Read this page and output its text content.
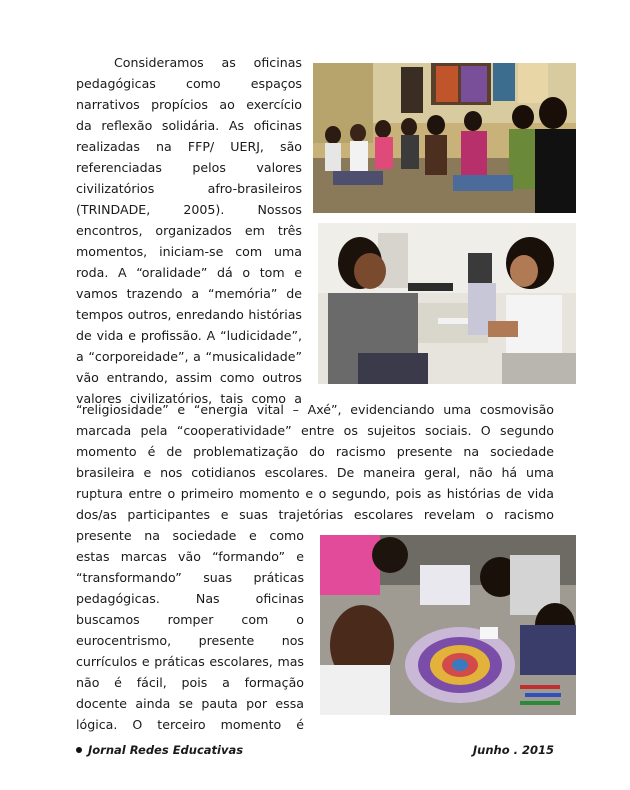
Consideramos as oficinas
pedagógicas como espaços
narrativos propícios ao exercício
da reflexão solidária. As oficinas
realizadas na FFP/ UERJ, são
referenciadas pelos valores
civilizatórios afro-brasileiros
(TRINDADE, 2005). Nossos
encontros, organizados em três
momentos, iniciam-se com uma
roda. A “oralidade” dá o tom e
vamos trazendo a “memória” de
tempos outros, enredando histórias
de vida e profissão. A “ludicidade”,
a “corporeidade”, a “musicalidade”
vão entrando, assim como outros
valores civilizatórios, tais como a
“religiosidade” e “energia vital – Axé”, evidenciando uma cosmovisão
marcada pela “cooperatividade” entre os sujeitos sociais. O segundo
momento é de problematização do racismo presente na sociedade
brasileira e nos cotidianos escolares. De maneira geral, não há uma
ruptura entre o primeiro momento e o segundo, pois as histórias de vida
dos/as participantes e suas trajetórias escolares revelam o racismo
presente na sociedade e como
estas marcas vão “formando” e
“transformando” suas práticas
pedagógicas. Nas oficinas
buscamos romper com o
eurocentrismo, presente nos
currículos e práticas escolares, mas
não é fácil, pois a formação
docente ainda se pauta por essa
lógica. O terceiro momento é
Jornal Redes Educativas	Junho . 2015
